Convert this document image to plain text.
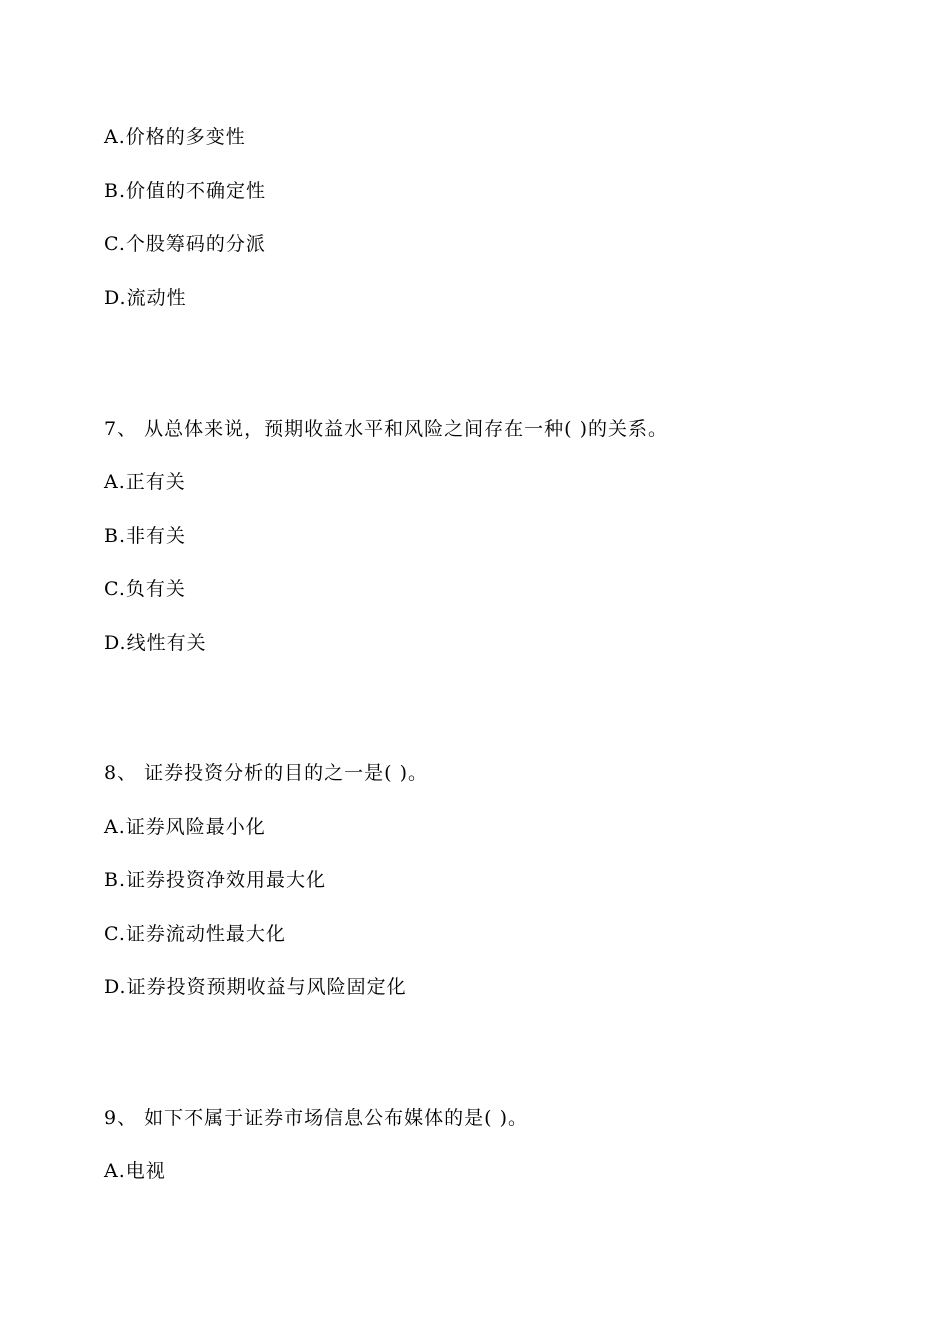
A.价格的多变性
B.价值的不确定性
C.个股筹码的分派
D.流动性
7、 从总体来说，预期收益水平和风险之间存在一种( )的关系。
A.正有关
B.非有关
C.负有关
D.线性有关
8、 证券投资分析的目的之一是( )。
A.证券风险最小化
B.证券投资净效用最大化
C.证券流动性最大化
D.证券投资预期收益与风险固定化
9、 如下不属于证券市场信息公布媒体的是( )。
A.电视
